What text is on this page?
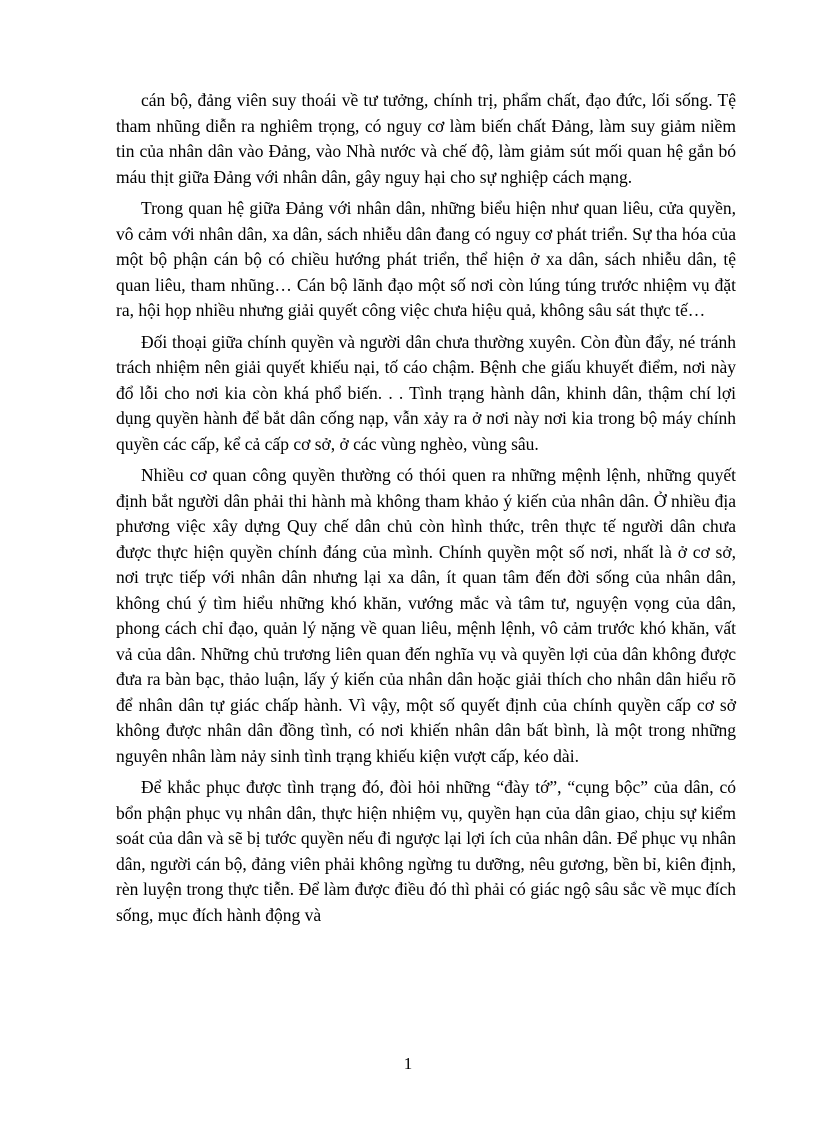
cán bộ, đảng viên suy thoái về tư tưởng, chính trị, phẩm chất, đạo đức, lối sống. Tệ tham nhũng diễn ra nghiêm trọng, có nguy cơ làm biến chất Đảng, làm suy giảm niềm tin của nhân dân vào Đảng, vào Nhà nước và chế độ, làm giảm sút mối quan hệ gắn bó máu thịt giữa Đảng với nhân dân, gây nguy hại cho sự nghiệp cách mạng.

Trong quan hệ giữa Đảng với nhân dân, những biểu hiện như quan liêu, cửa quyền, vô cảm với nhân dân, xa dân, sách nhiễu dân đang có nguy cơ phát triển. Sự tha hóa của một bộ phận cán bộ có chiều hướng phát triển, thể hiện ở xa dân, sách nhiễu dân, tệ quan liêu, tham nhũng… Cán bộ lãnh đạo một số nơi còn lúng túng trước nhiệm vụ đặt ra, hội họp nhiều nhưng giải quyết công việc chưa hiệu quả, không sâu sát thực tế…

Đối thoại giữa chính quyền và người dân chưa thường xuyên. Còn đùn đẩy, né tránh trách nhiệm nên giải quyết khiếu nại, tố cáo chậm. Bệnh che giấu khuyết điểm, nơi này đổ lỗi cho nơi kia còn khá phổ biến. . . Tình trạng hành dân, khinh dân, thậm chí lợi dụng quyền hành để bắt dân cống nạp, vẫn xảy ra ở nơi này nơi kia trong bộ máy chính quyền các cấp, kể cả cấp cơ sở, ở các vùng nghèo, vùng sâu.

Nhiều cơ quan công quyền thường có thói quen ra những mệnh lệnh, những quyết định bắt người dân phải thi hành mà không tham khảo ý kiến của nhân dân. Ở nhiều địa phương việc xây dựng Quy chế dân chủ còn hình thức, trên thực tế người dân chưa được thực hiện quyền chính đáng của mình. Chính quyền một số nơi, nhất là ở cơ sở, nơi trực tiếp với nhân dân nhưng lại xa dân, ít quan tâm đến đời sống của nhân dân, không chú ý tìm hiểu những khó khăn, vướng mắc và tâm tư, nguyện vọng của dân, phong cách chỉ đạo, quản lý nặng về quan liêu, mệnh lệnh, vô cảm trước khó khăn, vất vả của dân. Những chủ trương liên quan đến nghĩa vụ và quyền lợi của dân không được đưa ra bàn bạc, thảo luận, lấy ý kiến của nhân dân hoặc giải thích cho nhân dân hiểu rõ để nhân dân tự giác chấp hành. Vì vậy, một số quyết định của chính quyền cấp cơ sở không được nhân dân đồng tình, có nơi khiến nhân dân bất bình, là một trong những nguyên nhân làm nảy sinh tình trạng khiếu kiện vượt cấp, kéo dài.

Để khắc phục được tình trạng đó, đòi hỏi những “đày tớ”, “cụng bộc” của dân, có bổn phận phục vụ nhân dân, thực hiện nhiệm vụ, quyền hạn của dân giao, chịu sự kiểm soát của dân và sẽ bị tước quyền nếu đi ngược lại lợi ích của nhân dân. Để phục vụ nhân dân, người cán bộ, đảng viên phải không ngừng tu dưỡng, nêu gương, bền bỉ, kiên định, rèn luyện trong thực tiễn. Để làm được điều đó thì phải có giác ngộ sâu sắc về mục đích sống, mục đích hành động và

1
